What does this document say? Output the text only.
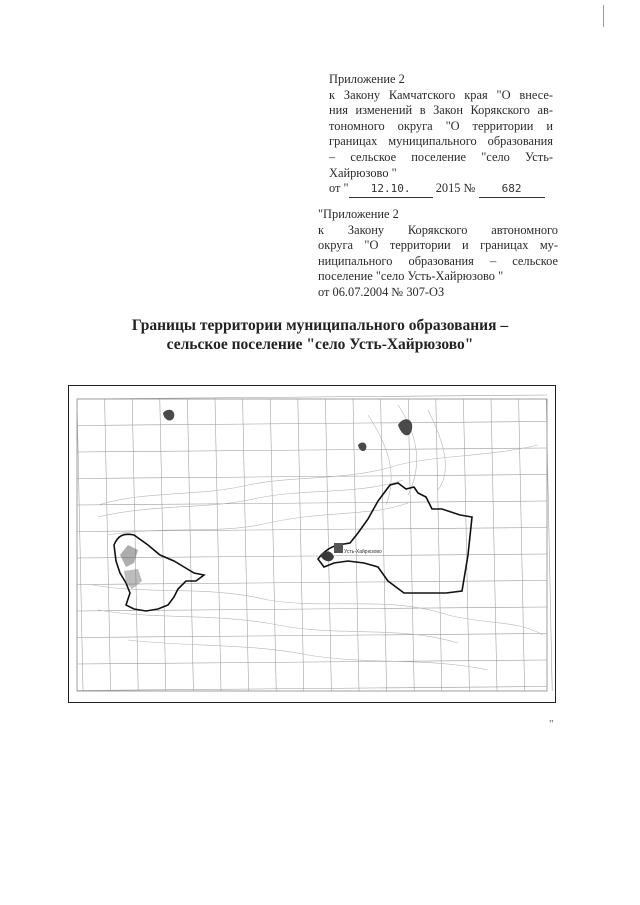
Приложение 2
к Закону Камчатского края "О внесе-
ния изменений в Закон Корякского ав-
тономного округа "О территории и
границах муниципального образования
– сельское поселение "село Усть-
Хайрюзово "
от " 12.10. 2015 № 682
"Приложение 2
к Закону Корякского автономного
округа "О территории и границах му-
ниципального образования – сельское
поселение "село Усть-Хайрюзово "
от 06.07.2004 № 307-ОЗ
Границы территории муниципального образования –
сельское поселение "село Усть-Хайрюзово"
Усть-Хайрюзово
"
